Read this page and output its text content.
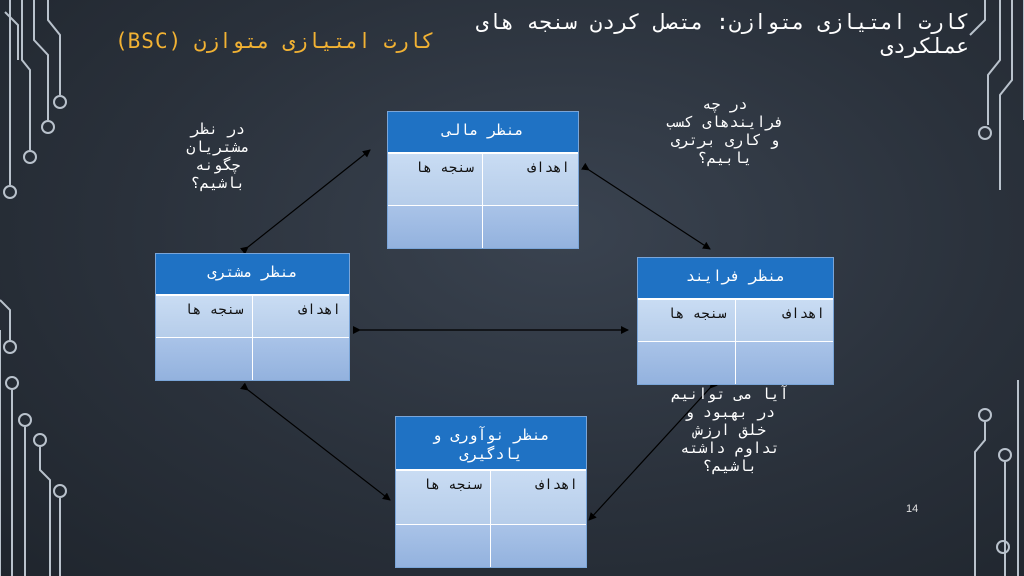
کارت امتیازی متوازن: متصل کردن سنجه های عملکردی
کارت امتیازی متوازن (BSC)
در نظر مشتریان چگونه باشیم؟
در چه فرایندهای کسب و کاری برتری یابیم؟
آیا می توانیم در بهبود و خلق ارزش تداوم داشته باشیم؟
منظر مالی
سنجه ها	اهداف
منظر مشتری
سنجه ها	اهداف
منظر فرایند
سنجه ها	اهداف
منظر نوآوری و یادگیری
سنجه ها	اهداف
14
